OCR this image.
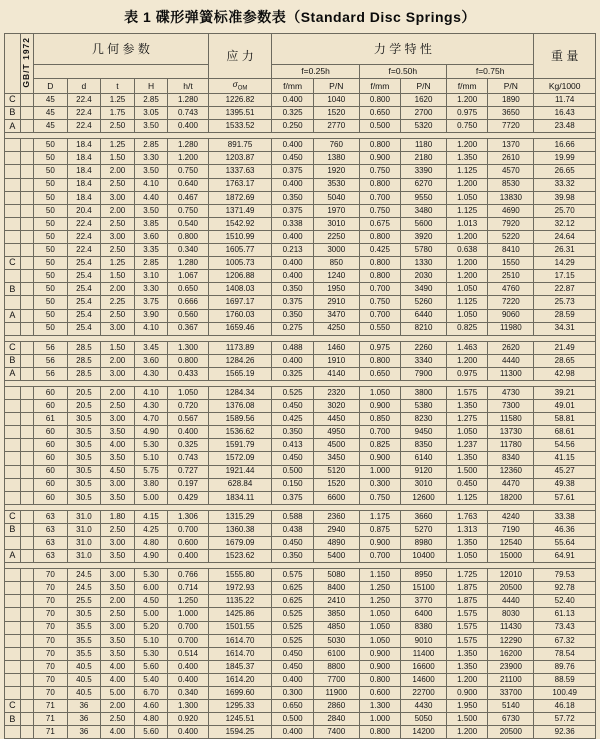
表 1 碟形弹簧标准参数表（Standard Disc Springs）
	GB/T 1972	几 何 参 数					应 力	力 学 特 性						重 量
								f=0.25h		f=0.50h		f=0.75h		
		D	d	t	H	h/t	$\sigma_{OM}$	f/mm	P/N	f/mm	P/N	f/mm	P/N	Kg/1000
C		45	22.4	1.25	2.85	1.280	1226.82	0.400	1040	0.800	1620	1.200	1890	11.74
B		45	22.4	1.75	3.05	0.743	1395.51	0.325	1520	0.650	2700	0.975	3650	16.43
A		45	22.4	2.50	3.50	0.400	1533.52	0.250	2770	0.500	5320	0.750	7720	23.48

		50	18.4	1.25	2.85	1.280	891.75	0.400	760	0.800	1180	1.200	1370	16.66
		50	18.4	1.50	3.30	1.200	1203.87	0.450	1380	0.900	2180	1.350	2610	19.99
		50	18.4	2.00	3.50	0.750	1337.63	0.375	1920	0.750	3390	1.125	4570	26.65
		50	18.4	2.50	4.10	0.640	1763.17	0.400	3530	0.800	6270	1.200	8530	33.32
		50	18.4	3.00	4.40	0.467	1872.69	0.350	5040	0.700	9550	1.050	13830	39.98
		50	20.4	2.00	3.50	0.750	1371.49	0.375	1970	0.750	3480	1.125	4690	25.70
		50	22.4	2.50	3.85	0.540	1542.92	0.338	3010	0.675	5600	1.013	7920	32.12
		50	22.4	3.00	3.60	0.800	1510.99	0.400	2250	0.800	3920	1.200	5220	24.64
		50	22.4	2.50	3.35	0.340	1605.77	0.213	3000	0.425	5780	0.638	8410	26.31
C		50	25.4	1.25	2.85	1.280	1005.73	0.400	850	0.800	1330	1.200	1550	14.29
		50	25.4	1.50	3.10	1.067	1206.88	0.400	1240	0.800	2030	1.200	2510	17.15
B		50	25.4	2.00	3.30	0.650	1408.03	0.350	1950	0.700	3490	1.050	4760	22.87
		50	25.4	2.25	3.75	0.666	1697.17	0.375	2910	0.750	5260	1.125	7220	25.73
A		50	25.4	2.50	3.90	0.560	1760.03	0.350	3470	0.700	6440	1.050	9060	28.59
		50	25.4	3.00	4.10	0.367	1659.46	0.275	4250	0.550	8210	0.825	11980	34.31

C		56	28.5	1.50	3.45	1.300	1173.89	0.488	1460	0.975	2260	1.463	2620	21.49
B		56	28.5	2.00	3.60	0.800	1284.26	0.400	1910	0.800	3340	1.200	4440	28.65
A		56	28.5	3.00	4.30	0.433	1565.19	0.325	4140	0.650	7900	0.975	11300	42.98

		60	20.5	2.00	4.10	1.050	1284.34	0.525	2320	1.050	3800	1.575	4730	39.21
		60	20.5	2.50	4.30	0.720	1376.08	0.450	3020	0.900	5380	1.350	7300	49.01
		61	30.5	3.00	4.70	0.567	1589.56	0.425	4450	0.850	8230	1.275	11580	58.81
		60	30.5	3.50	4.90	0.400	1536.62	0.350	4950	0.700	9450	1.050	13730	68.61
		60	30.5	4.00	5.30	0.325	1591.79	0.413	4500	0.825	8350	1.237	11780	54.56
		60	30.5	3.50	5.10	0.743	1572.09	0.450	3450	0.900	6140	1.350	8340	41.15
		60	30.5	4.50	5.75	0.727	1921.44	0.500	5120	1.000	9120	1.500	12360	45.27
		60	30.5	3.00	3.80	0.197	628.84	0.150	1520	0.300	3010	0.450	4470	49.38
		60	30.5	3.50	5.00	0.429	1834.11	0.375	6600	0.750	12600	1.125	18200	57.61

C		63	31.0	1.80	4.15	1.306	1315.29	0.588	2360	1.175	3660	1.763	4240	33.38
B		63	31.0	2.50	4.25	0.700	1360.38	0.438	2940	0.875	5270	1.313	7190	46.36
		63	31.0	3.00	4.80	0.600	1679.09	0.450	4890	0.900	8980	1.350	12540	55.64
A		63	31.0	3.50	4.90	0.400	1523.62	0.350	5400	0.700	10400	1.050	15000	64.91

		70	24.5	3.00	5.30	0.766	1555.80	0.575	5080	1.150	8950	1.725	12010	79.53
		70	24.5	3.50	6.00	0.714	1972.93	0.625	8400	1.250	15100	1.875	20500	92.78
		70	25.5	2.00	4.50	1.250	1135.22	0.625	2410	1.250	3770	1.875	4440	52.40
		70	30.5	2.50	5.00	1.000	1425.86	0.525	3850	1.050	6400	1.575	8030	61.13
		70	35.5	3.00	5.20	0.700	1501.55	0.525	4850	1.050	8380	1.575	11430	73.43
		70	35.5	3.50	5.10	0.700	1614.70	0.525	5030	1.050	9010	1.575	12290	67.32
		70	35.5	3.50	5.30	0.514	1614.70	0.450	6100	0.900	11400	1.350	16200	78.54
		70	40.5	4.00	5.60	0.400	1845.37	0.450	8800	0.900	16600	1.350	23900	89.76
		70	40.5	4.00	5.40	0.400	1614.20	0.400	7700	0.800	14600	1.200	21100	88.59
		70	40.5	5.00	6.70	0.340	1699.60	0.300	11900	0.600	22700	0.900	33700	100.49
C		71	36	2.00	4.60	1.300	1295.33	0.650	2860	1.300	4430	1.950	5140	46.18
B		71	36	2.50	4.80	0.920	1245.51	0.500	2840	1.000	5050	1.500	6730	57.72
		71	36	4.00	5.60	0.400	1594.25	0.400	7400	0.800	14200	1.200	20500	92.36
